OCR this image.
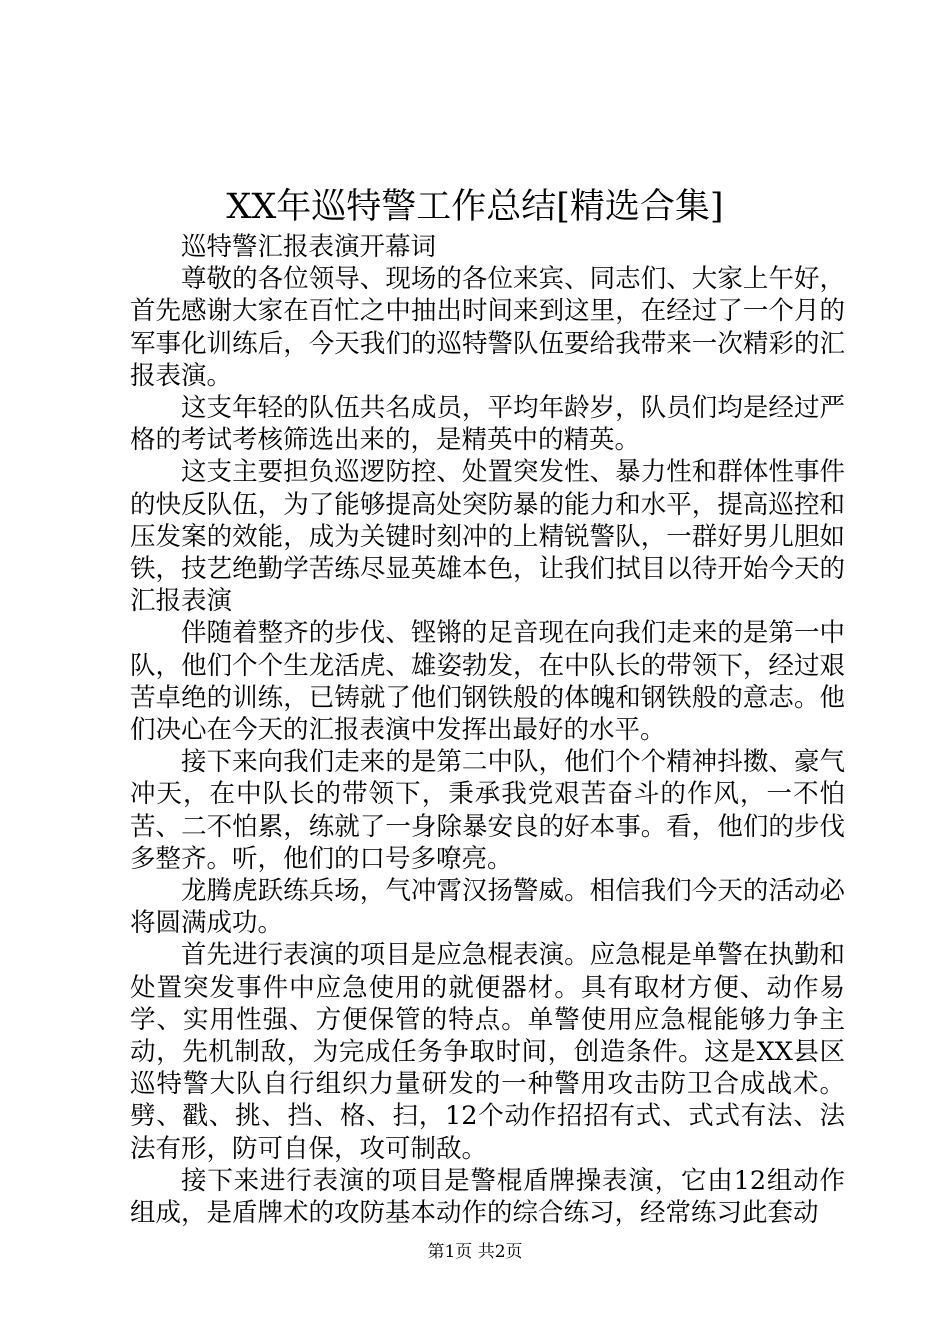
XX年巡特警工作总结[精选合集]

巡特警汇报表演开幕词

尊敬的各位领导、现场的各位来宾、同志们、大家上午好，首先感谢大家在百忙之中抽出时间来到这里，在经过了一个月的军事化训练后，今天我们的巡特警队伍要给我带来一次精彩的汇报表演。

这支年轻的队伍共名成员，平均年龄岁，队员们均是经过严格的考试考核筛选出来的，是精英中的精英。

这支主要担负巡逻防控、处置突发性、暴力性和群体性事件的快反队伍，为了能够提高处突防暴的能力和水平，提高巡控和压发案的效能，成为关键时刻冲的上精锐警队，一群好男儿胆如铁，技艺绝勤学苦练尽显英雄本色，让我们拭目以待开始今天的汇报表演

伴随着整齐的步伐、铿锵的足音现在向我们走来的是第一中队，他们个个生龙活虎、雄姿勃发，在中队长的带领下，经过艰苦卓绝的训练，已铸就了他们钢铁般的体魄和钢铁般的意志。他们决心在今天的汇报表演中发挥出最好的水平。

接下来向我们走来的是第二中队，他们个个精神抖擞、豪气冲天，在中队长的带领下，秉承我党艰苦奋斗的作风，一不怕苦、二不怕累，练就了一身除暴安良的好本事。看，他们的步伐多整齐。听，他们的口号多嘹亮。

龙腾虎跃练兵场，气冲霄汉扬警威。相信我们今天的活动必将圆满成功。

首先进行表演的项目是应急棍表演。应急棍是单警在执勤和处置突发事件中应急使用的就便器材。具有取材方便、动作易学、实用性强、方便保管的特点。单警使用应急棍能够力争主动，先机制敌，为完成任务争取时间，创造条件。这是XX县区巡特警大队自行组织力量研发的一种警用攻击防卫合成战术。劈、戳、挑、挡、格、扫，12个动作招招有式、式式有法、法法有形，防可自保，攻可制敌。

接下来进行表演的项目是警棍盾牌操表演，它由12组动作组成，是盾牌术的攻防基本动作的综合练习，经常练习此套动

第1页 共2页
